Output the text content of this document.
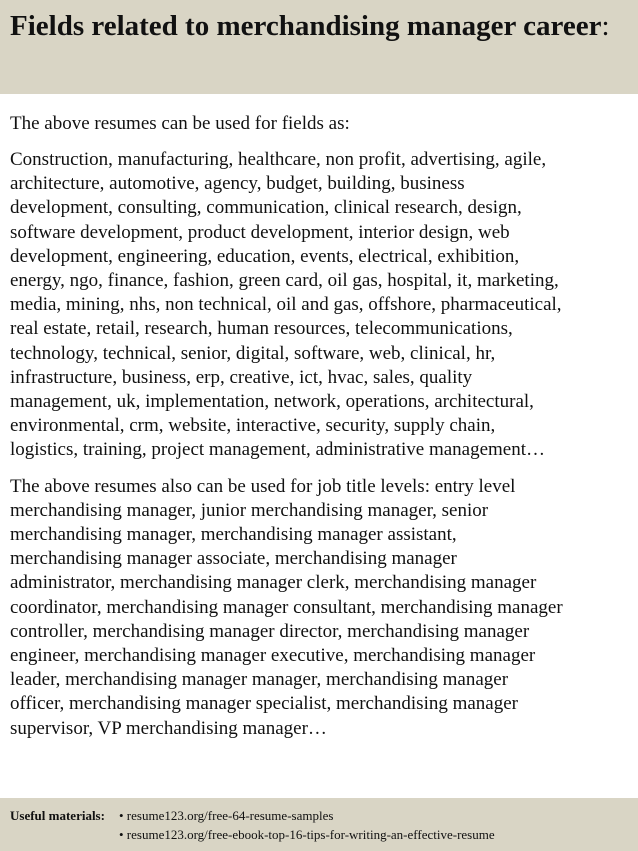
Fields related to merchandising manager career:

The above resumes can be used for fields as:

Construction, manufacturing, healthcare, non profit, advertising, agile,
architecture, automotive, agency, budget, building, business
development, consulting, communication, clinical research, design,
software development, product development, interior design, web
development, engineering, education, events, electrical, exhibition,
energy, ngo, finance, fashion, green card, oil gas, hospital, it, marketing,
media, mining, nhs, non technical, oil and gas, offshore, pharmaceutical,
real estate, retail, research, human resources, telecommunications,
technology, technical, senior, digital, software, web, clinical, hr,
infrastructure, business, erp, creative, ict, hvac, sales, quality
management, uk, implementation, network, operations, architectural,
environmental, crm, website, interactive, security, supply chain,
logistics, training, project management, administrative management…

The above resumes also can be used for job title levels: entry level
merchandising manager, junior merchandising manager, senior
merchandising manager, merchandising manager assistant,
merchandising manager associate, merchandising manager
administrator, merchandising manager clerk, merchandising manager
coordinator, merchandising manager consultant, merchandising manager
controller, merchandising manager director, merchandising manager
engineer, merchandising manager executive, merchandising manager
leader, merchandising manager manager, merchandising manager
officer, merchandising manager specialist, merchandising manager
supervisor, VP merchandising manager…

Useful materials:	• resume123.org/free-64-resume-samples
• resume123.org/free-ebook-top-16-tips-for-writing-an-effective-resume
